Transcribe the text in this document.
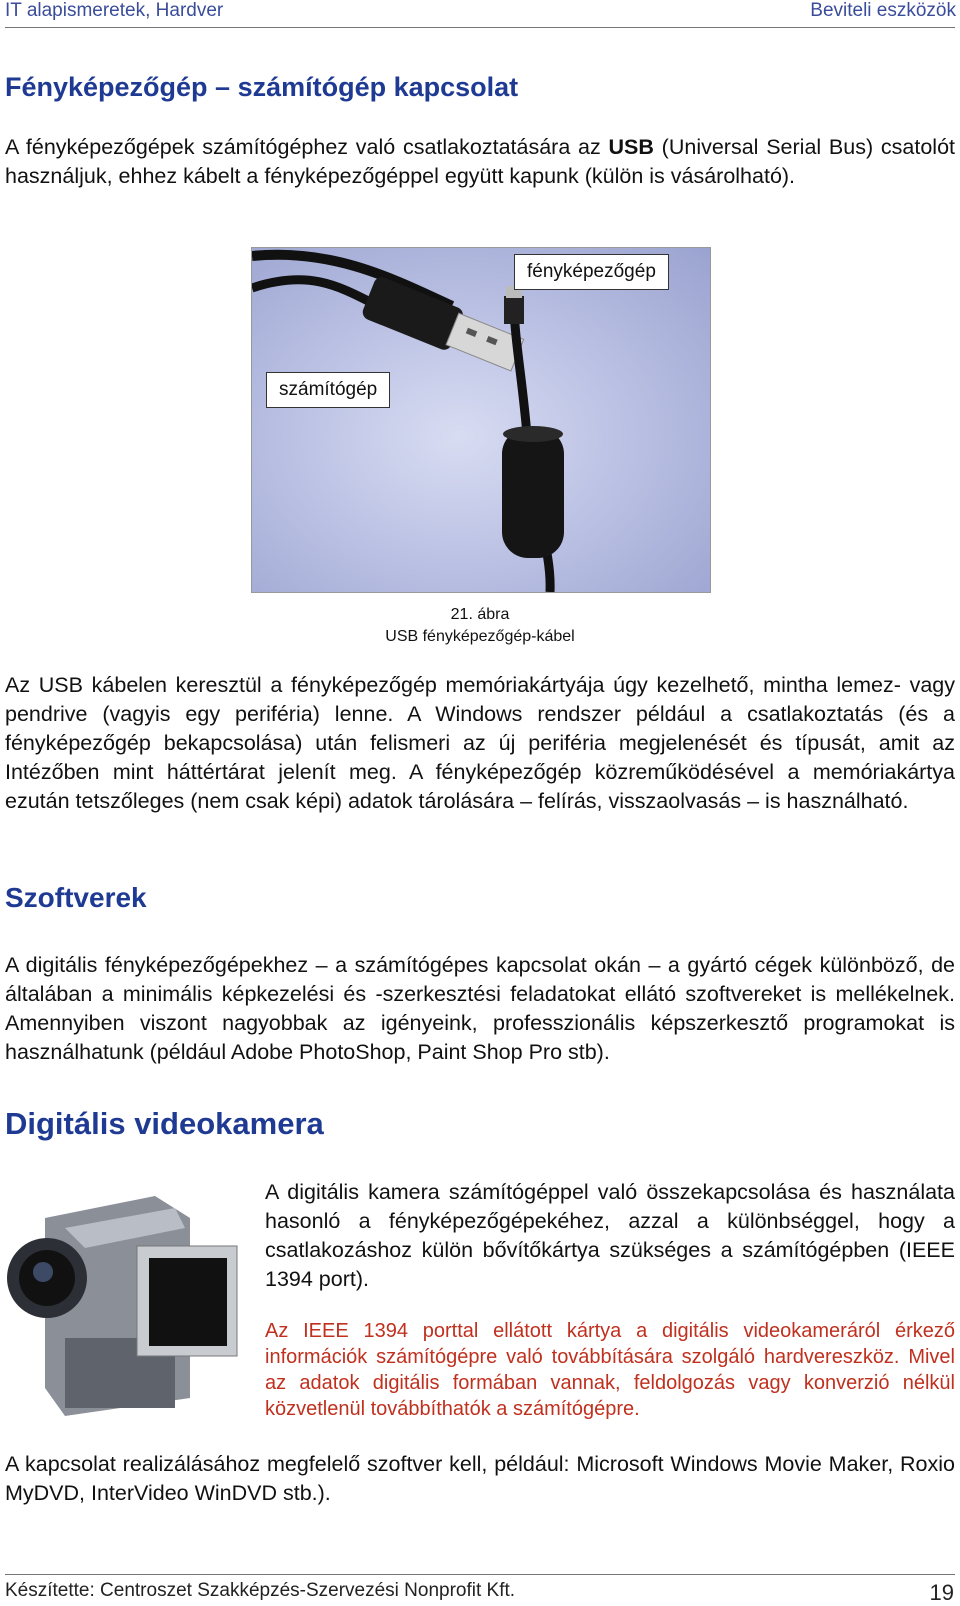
IT alapismeretek, Hardver	Beviteli eszközök
Fényképezőgép – számítógép kapcsolat

A fényképezőgépek számítógéphez való csatlakoztatására az USB (Universal Serial Bus) csatolót használjuk, ehhez kábelt a fényképezőgéppel együtt kapunk (külön is vásárolható).

fényképezőgép
számítógép
21. ábra
USB fényképezőgép-kábel

Az USB kábelen keresztül a fényképezőgép memóriakártyája úgy kezelhető, mintha lemez- vagy pendrive (vagyis egy periféria) lenne. A Windows rendszer például a csatlakoztatás (és a fényképezőgép bekapcsolása) után felismeri az új periféria megjelenését és típusát, amit az Intézőben mint háttértárat jelenít meg. A fényképezőgép közreműködésével a memóriakártya ezután tetszőleges (nem csak képi) adatok tárolására – felírás, visszaolvasás – is használható.

Szoftverek

A digitális fényképezőgépekhez – a számítógépes kapcsolat okán – a gyártó cégek különböző, de általában a minimális képkezelési és -szerkesztési feladatokat ellátó szoftvereket is mellékelnek. Amennyiben viszont nagyobbak az igényeink, professzionális képszerkesztő programokat is használhatunk (például Adobe PhotoShop, Paint Shop Pro stb).

Digitális videokamera

A digitális kamera számítógéppel való összekapcsolása és használata hasonló a fényképezőgépekéhez, azzal a különbséggel, hogy a csatlakozáshoz külön bővítőkártya szükséges a számítógépben (IEEE 1394 port).

Az IEEE 1394 porttal ellátott kártya a digitális videokameráról érkező információk számítógépre való továbbítására szolgáló hardvereszköz. Mivel az adatok digitális formában vannak, feldolgozás vagy konverzió nélkül közvetlenül továbbíthatók a számítógépre.

A kapcsolat realizálásához megfelelő szoftver kell, például: Microsoft Windows Movie Maker, Roxio MyDVD, InterVideo WinDVD stb.).

Készítette: Centroszet Szakképzés-Szervezési Nonprofit Kft.	19
